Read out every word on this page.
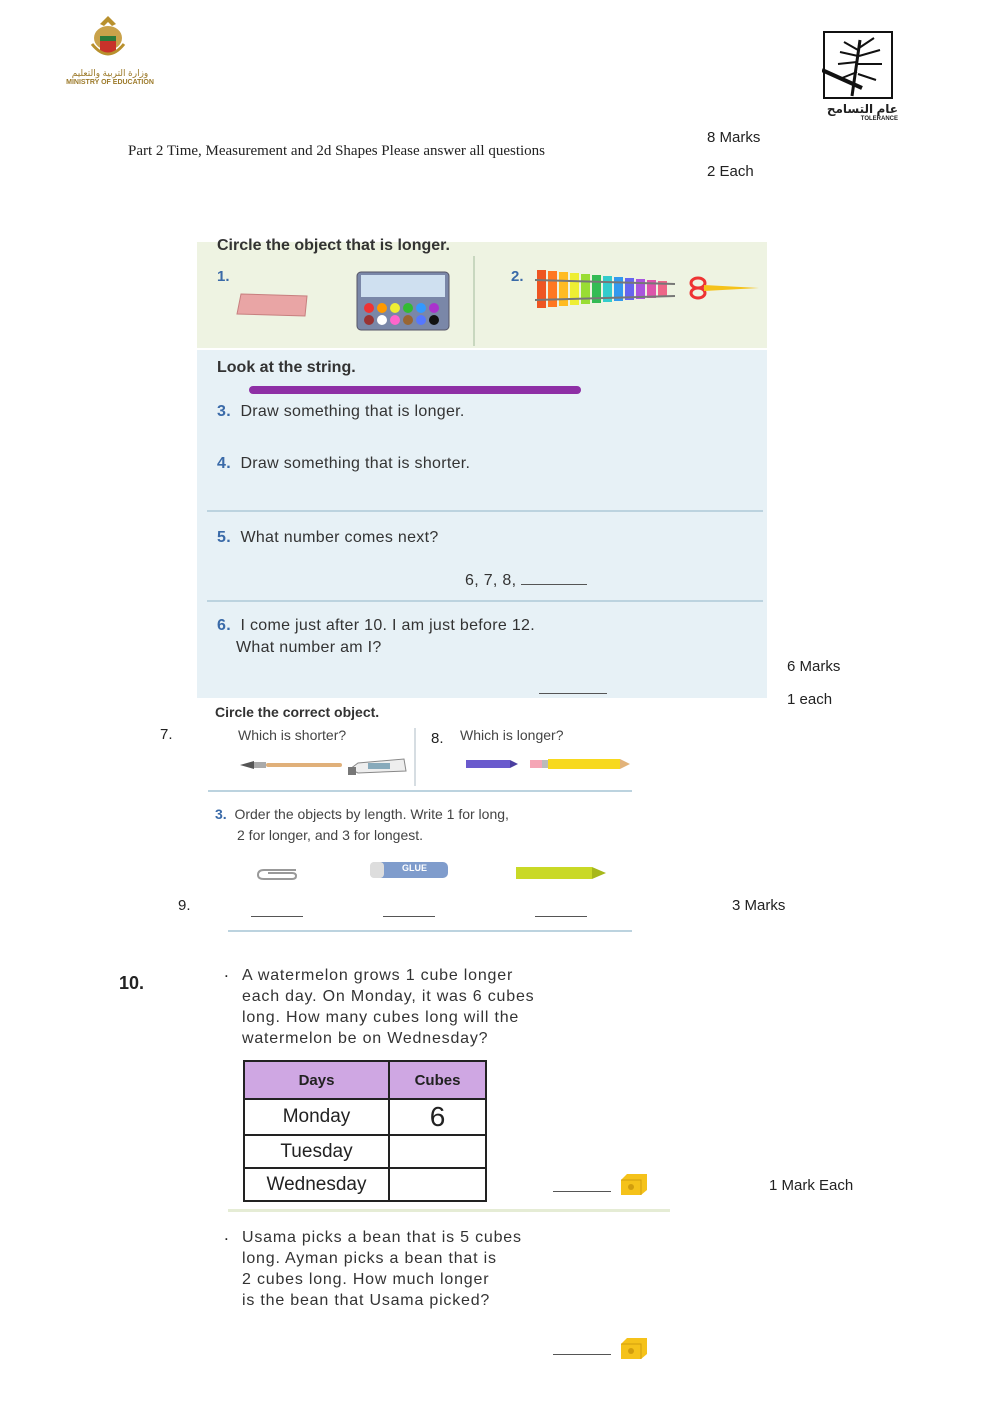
وزارة التربية والتعليم
MINISTRY OF EDUCATION
عام التسامح
TOLERANCE
Part 2 Time, Measurement and 2d Shapes Please answer all questions
8 Marks
2 Each
Circle the object that is longer.
1.	2.
Look at the string.
3. Draw something that is longer.
4. Draw something that is shorter.
5. What number comes next?
6, 7, 8,
6. I come just after 10. I am just before 12.
What number am I?
6 Marks
1 each
Circle the correct object.
7.	Which is shorter?	8. Which is longer?
3. Order the objects by length. Write 1 for long,
2 for longer, and 3 for longest.
GLUE
9.	3 Marks
10.
. A watermelon grows 1 cube longer
each day. On Monday, it was 6 cubes
long. How many cubes long will the
watermelon be on Wednesday?
Days	Cubes
Monday	6
Tuesday	
Wednesday		1 Mark Each
. Usama picks a bean that is 5 cubes
long. Ayman picks a bean that is
2 cubes long. How much longer
is the bean that Usama picked?
